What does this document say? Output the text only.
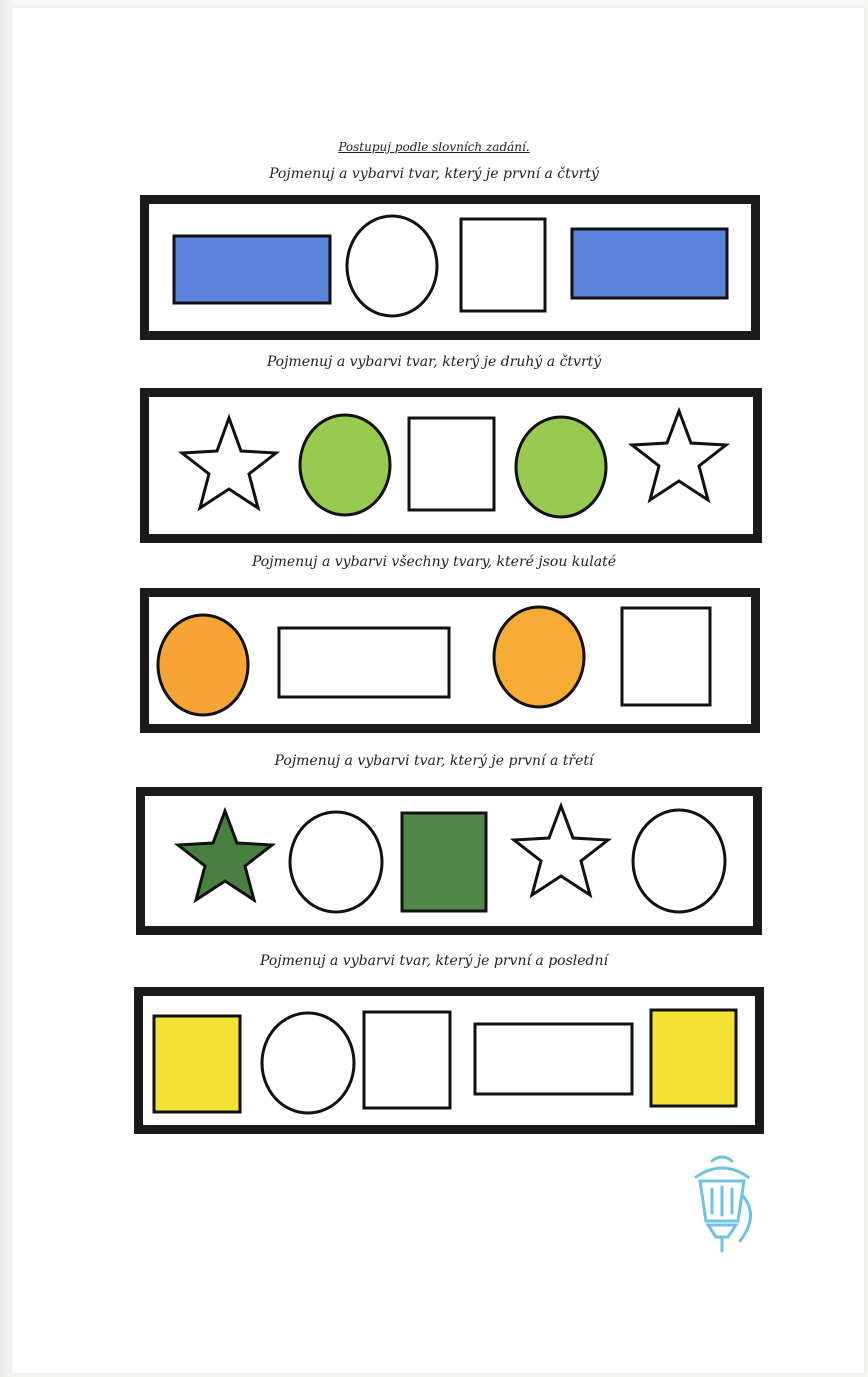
Postupuj podle slovních zadání.
Pojmenuj a vybarvi tvar, který je první a čtvrtý
Pojmenuj a vybarvi tvar, který je druhý a čtvrtý
Pojmenuj a vybarvi všechny tvary, které jsou kulaté
Pojmenuj a vybarvi tvar, který je první a třetí
Pojmenuj a vybarvi tvar, který je první a poslední
